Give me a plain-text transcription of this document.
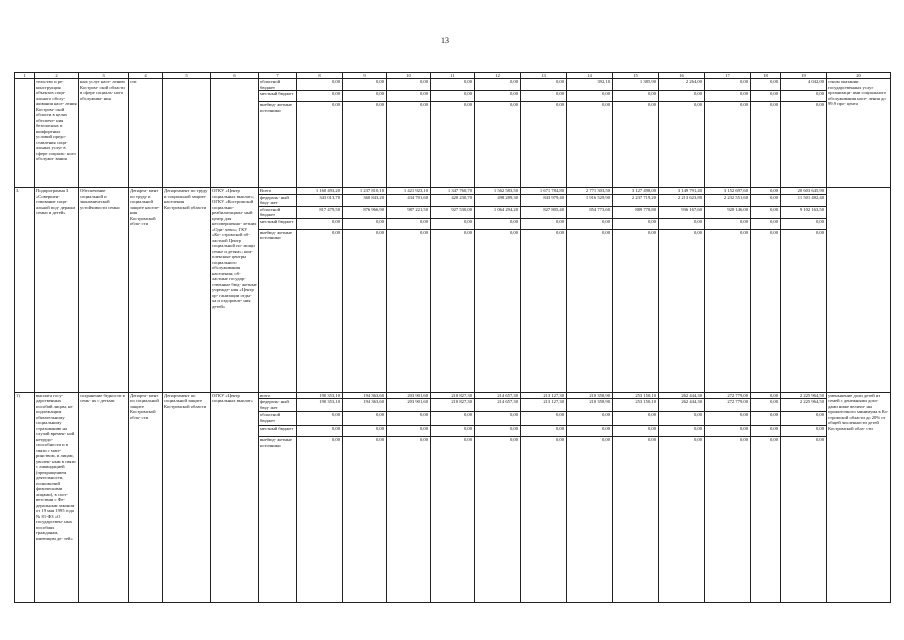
13
1	2	3	4	5	6	7	8	9	10	11	12	13	14	15	16	17	18	19	20
	тельство и ре- конструкция объектов соци- ального обслу- живания насе- ления Костром- ской области в целях обеспече- ния безопасных и комфортных условий предо- ставления соци- альных услуг в сфере социаль- ного обслужи- вания	ных услуг насе- лению Костром- ской области в сфере социаль- ного обслужива- ния	сти			областной бюджет	0,00	0,00	0,00	0,00	0,00	0,00	392,10	1 385,90	2 264,00	0,00	0,00	4 042,00	стном оказании государственных услуг организаци- ями социального обслуживания насе- ления до 99,9 про- цента
						местный бюджет	0,00	0,00	0,00	0,00	0,00	0,00	0,00	0,00	0,00	0,00	0,00	0,00	
						внебюд- жетные источники	0,00	0,00	0,00	0,00	0,00	0,00	0,00	0,00	0,00	0,00	0,00	0,00	
3.	Подпрограмма 3 «Совершен- ствование соци- альной под- держки семьи и детей»	Обеспечение социальной и экономической устойчивости семьи	Департа- мент по труду и социальной защите населе- ния Костромской обла- сти	Департамент по труду и социальной защите населения Костромской области	ОГКУ «Центр социальных выплат»; ОГКУ «Костромской социально- реабилитацион- ный центр для несовершенно- летних «Оди- чево»; ГКУ «Ко- стромской об- ластной Центр социальной по- мощи семье и детям»; ком- плексные центры социального обслуживания населения; об- ластные государ- ственные бюд- жетные учрежде- ния «Центр ор- ганизации отды- ха и оздоровле- ния детей»	Всего	1 160 493,20	1 237 810,10	1 421 923,10	1 347 760,70	1 562 583,50	1 671 784,80	2 771 303,50	3 127 498,00	3 149 791,40	3 152 697,60	0,00	20 603 645,90	
						федераль- ный бюд- жет	343 013,70	360 843,20	434 701,60	420 230,70	498 289,30	843 979,40	1 916 529,90	2 237 719,20	2 213 623,80	2 232 551,60	0,00	11 501 482,40	
						областной бюджет	817 479,50	876 966,90	987 221,50	927 530,00	1 064 294,20	827 805,40	854 773,60	889 778,80	936 167,60	920 146,00	0,00	9 102 163,50	
						местный бюджет	0,00	0,00	0,00	0,00	0,00	0,00	0,00	0,00	0,00	0,00	0,00	0,00	
						внебюд- жетные источники	0,00	0,00	0,00	0,00	0,00	0,00	0,00	0,00	0,00	0,00	0,00	0,00	
1)	выплата госу- дарственных пособий лицам, не подлежащим обязательному социальному страхованию на случай времен- ной нетрудо- способности и в связи с мате- ринством, и лицам, уволен- ным в связи с ликвидацией (прекращением деятельности, полномочий физическими лицами), в соот- ветствии с Фе- деральным законом от 19 мая 1995 года № 81-ФЗ «О государствен- ных пособиях гражданам, имеющим де- тей»	сохранение бедности в семь- ях с детьми	Департа- мент по социальной защите Костромской обла- сти	Департамент по социальной защите Костромской области	ОГКУ «Центр социальных выплат»	всего	190 353,10	194 363,60	203 901,60	210 827,30	214 657,30	213 127,30	210 358,90	253 150,10	262 444,30	272 779,00	0,00	2 225 964,50	уменьшение доли детей из семей с денежными дохо- дами ниже величи- ны прожиточного минимума в Ко- стромской области до 20% от общей численности детей Костромской обла- сти
						федераль- ный бюд- жет	190 353,10	194 363,60	203 901,60	210 827,30	214 657,30	213 127,30	210 358,90	253 150,10	262 444,30	272 779,00	0,00	2 225 964,50	
						областной бюджет	0,00	0,00	0,00	0,00	0,00	0,00	0,00	0,00	0,00	0,00	0,00	0,00	
						местный бюджет	0,00	0,00	0,00	0,00	0,00	0,00	0,00	0,00	0,00	0,00	0,00	0,00	
						внебюд- жетные источники	0,00	0,00	0,00	0,00	0,00	0,00	0,00	0,00	0,00	0,00	0,00	0,00	
